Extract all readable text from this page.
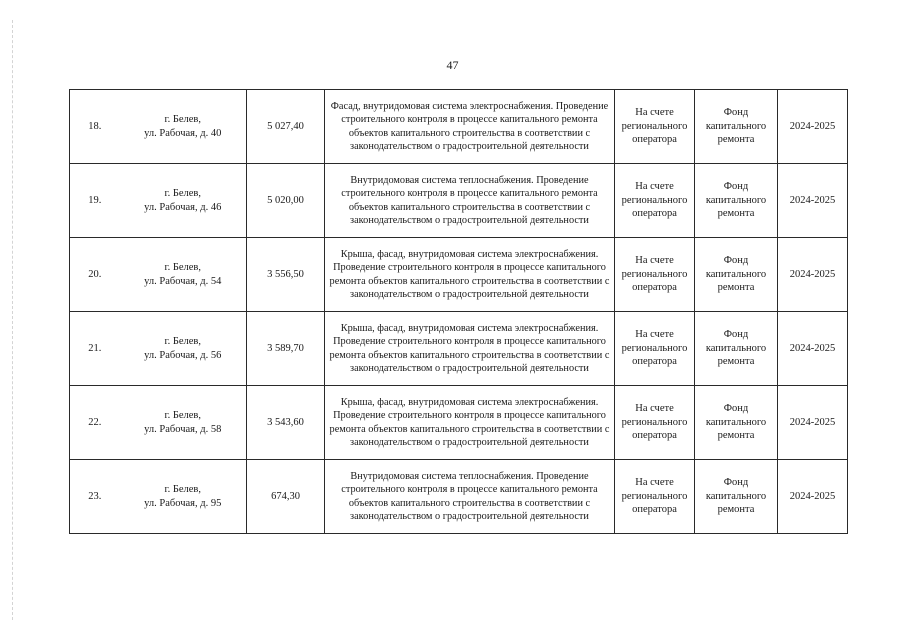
47
18.	г. Белев,
ул. Рабочая, д. 40	5 027,40	Фасад, внутридомовая система электроснабжения. Проведение строительного контроля в процессе капитального ремонта объектов капитального строительства в соответствии с законодательством о градостроительной деятельности	На счете регионального оператора	Фонд капитального ремонта	2024-2025
19.	г. Белев,
ул. Рабочая, д. 46	5 020,00	Внутридомовая система теплоснабжения. Проведение строительного контроля в процессе капитального ремонта объектов капитального строительства в соответствии с законодательством о градостроительной деятельности	На счете регионального оператора	Фонд капитального ремонта	2024-2025
20.	г. Белев,
ул. Рабочая, д. 54	3 556,50	Крыша, фасад, внутридомовая система электроснабжения. Проведение строительного контроля в процессе капитального ремонта объектов капитального строительства в соответствии с законодательством о градостроительной деятельности	На счете регионального оператора	Фонд капитального ремонта	2024-2025
21.	г. Белев,
ул. Рабочая, д. 56	3 589,70	Крыша, фасад, внутридомовая система электроснабжения. Проведение строительного контроля в процессе капитального ремонта объектов капитального строительства в соответствии с законодательством о градостроительной деятельности	На счете регионального оператора	Фонд капитального ремонта	2024-2025
22.	г. Белев,
ул. Рабочая, д. 58	3 543,60	Крыша, фасад, внутридомовая система электроснабжения. Проведение строительного контроля в процессе капитального ремонта объектов капитального строительства в соответствии с законодательством о градостроительной деятельности	На счете регионального оператора	Фонд капитального ремонта	2024-2025
23.	г. Белев,
ул. Рабочая, д. 95	674,30	Внутридомовая система теплоснабжения. Проведение строительного контроля в процессе капитального ремонта объектов капитального строительства в соответствии с законодательством о градостроительной деятельности	На счете регионального оператора	Фонд капитального ремонта	2024-2025
